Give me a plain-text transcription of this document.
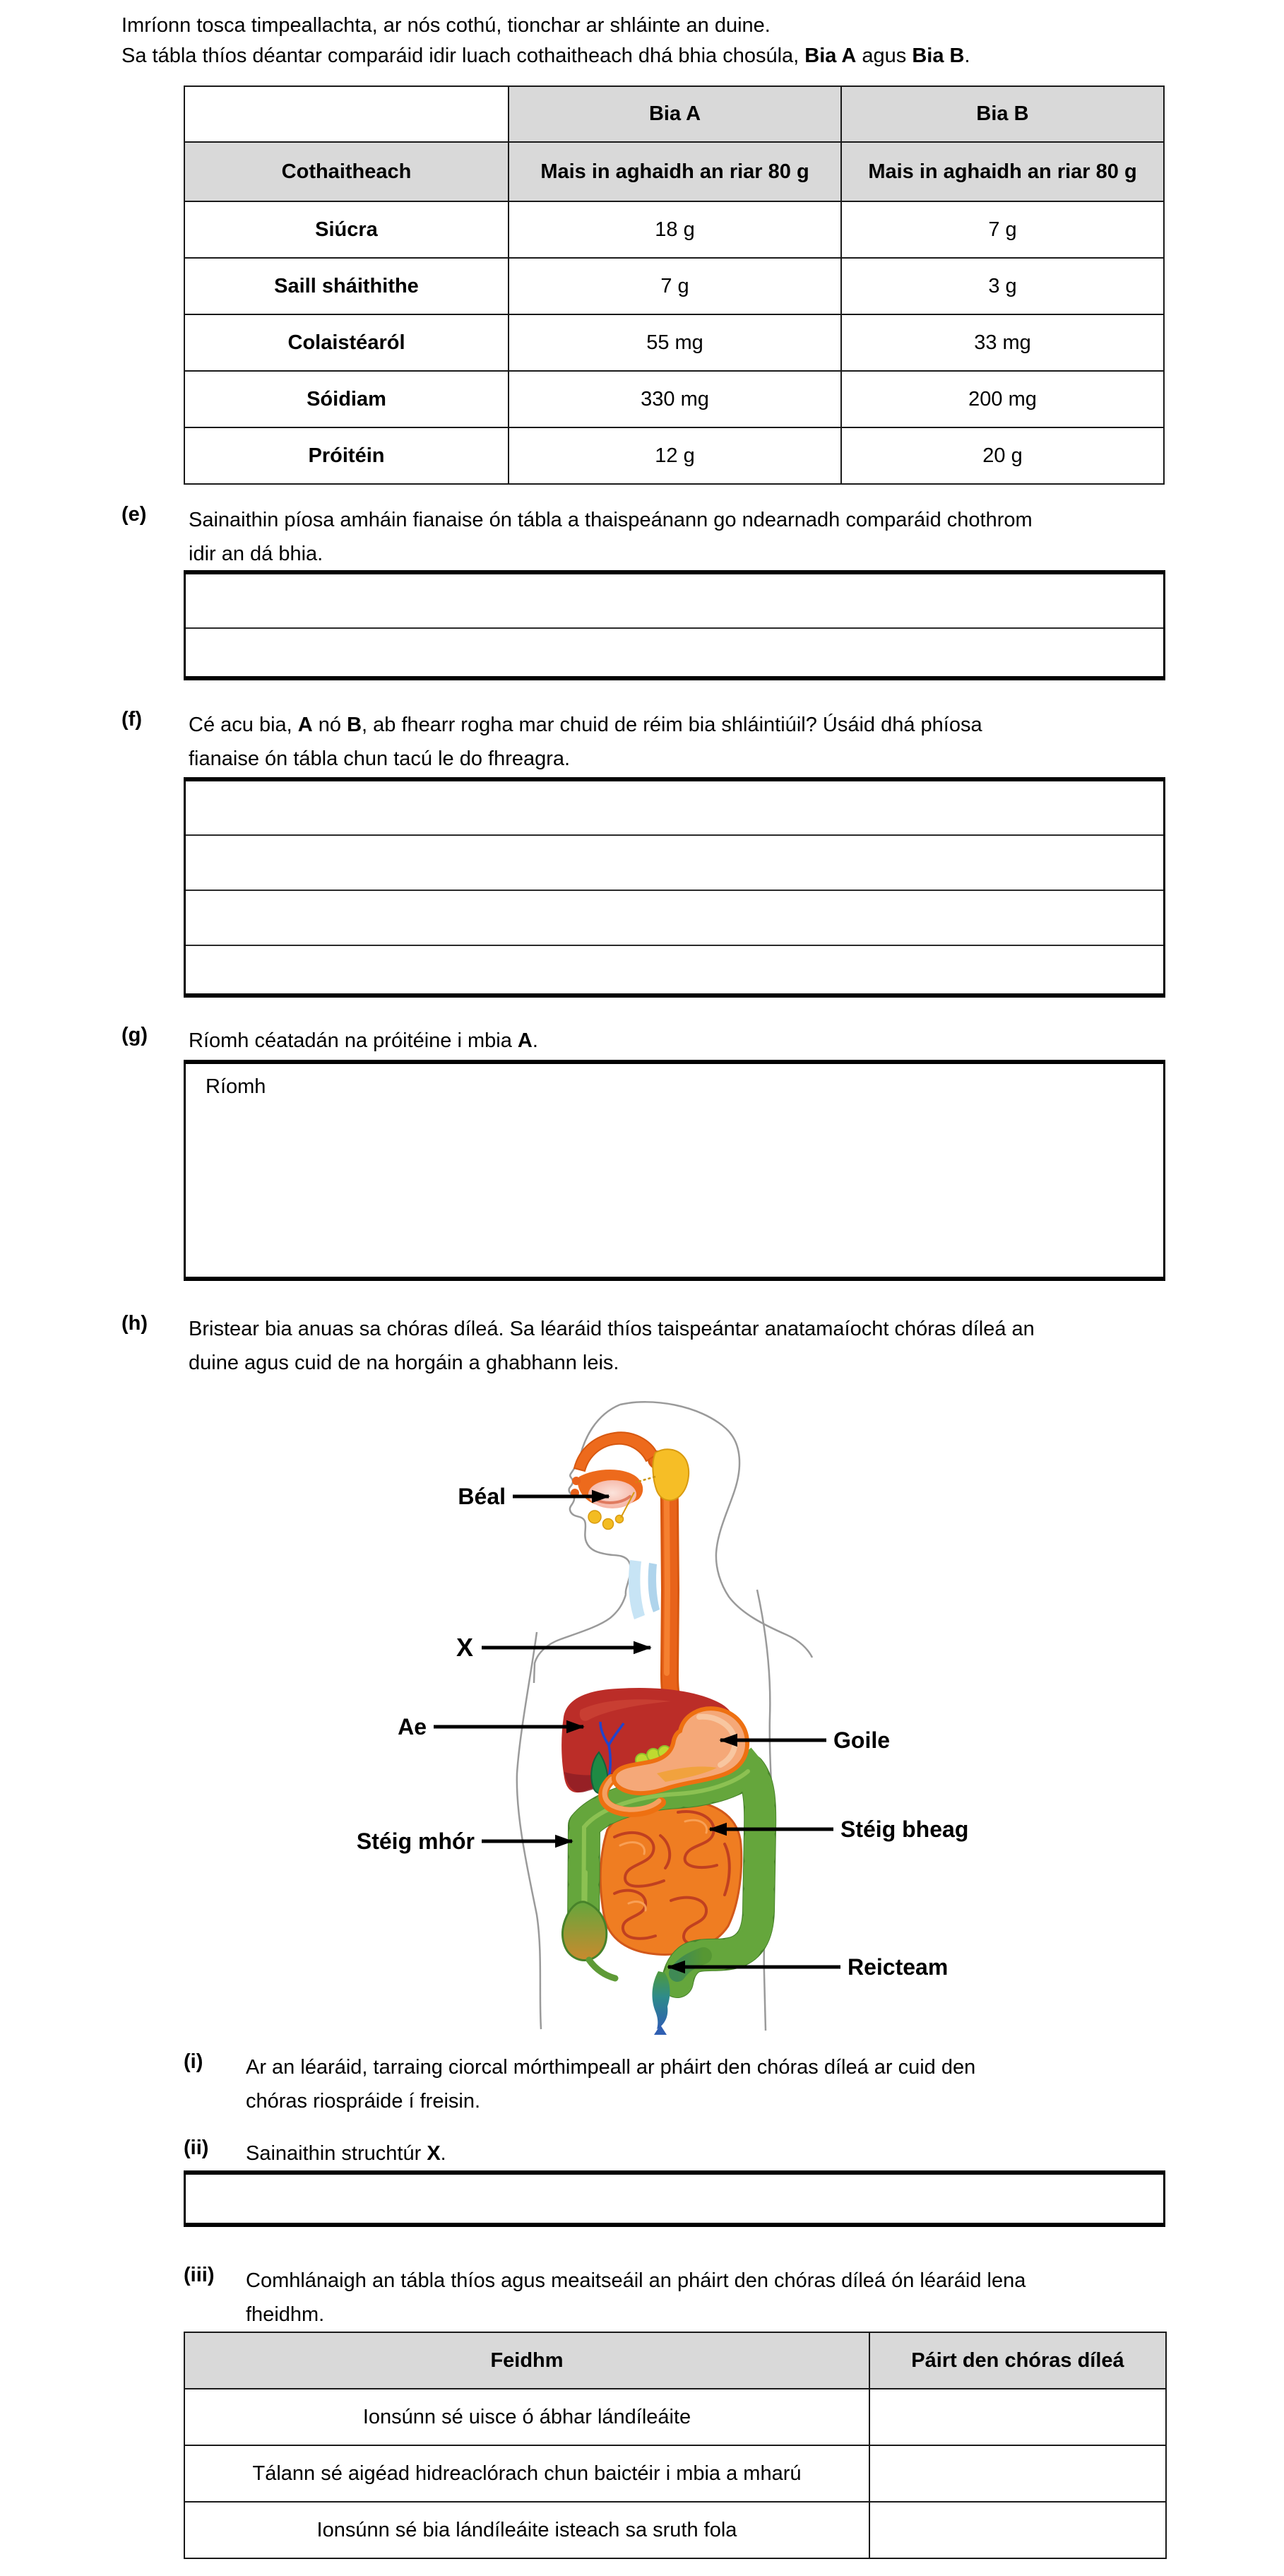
Imríonn tosca timpeallachta, ar nós cothú, tionchar ar shláinte an duine.
Sa tábla thíos déantar comparáid idir luach cothaitheach dhá bhia chosúla, Bia A agus Bia B.
	Bia A	Bia B
Cothaitheach	Mais in aghaidh an riar 80 g	Mais in aghaidh an riar 80 g
Siúcra	18 g	7 g
Saill sháithithe	7 g	3 g
Colaistéaról	55 mg	33 mg
Sóidiam	330 mg	200 mg
Próitéin	12 g	20 g
(e) Sainaithin píosa amháin fianaise ón tábla a thaispeánann go ndearnadh comparáid chothrom
idir an dá bhia.
(f) Cé acu bia, A nó B, ab fhearr rogha mar chuid de réim bia shláintiúil? Úsáid dhá phíosa
fianaise ón tábla chun tacú le do fhreagra.
(g) Ríomh céatadán na próitéine i mbia A.
Ríomh
(h) Bristear bia anuas sa chóras díleá. Sa léaráid thíos taispeántar anatamaíocht chóras díleá an
duine agus cuid de na horgáin a ghabhann leis.
Béal
X
Ae
Goile
Stéig mhór	Stéig bheag
Reicteam
(i) Ar an léaráid, tarraing ciorcal mórthimpeall ar pháirt den chóras díleá ar cuid den
chóras riospráide í freisin.
(ii) Sainaithin struchtúr X.
(iii) Comhlánaigh an tábla thíos agus meaitseáil an pháirt den chóras díleá ón léaráid lena
fheidhm.
Feidhm	Páirt den chóras díleá
Ionsúnn sé uisce ó ábhar lándíleáite	
Tálann sé aigéad hidreaclórach chun baictéir i mbia a mharú	
Ionsúnn sé bia lándíleáite isteach sa sruth fola	
